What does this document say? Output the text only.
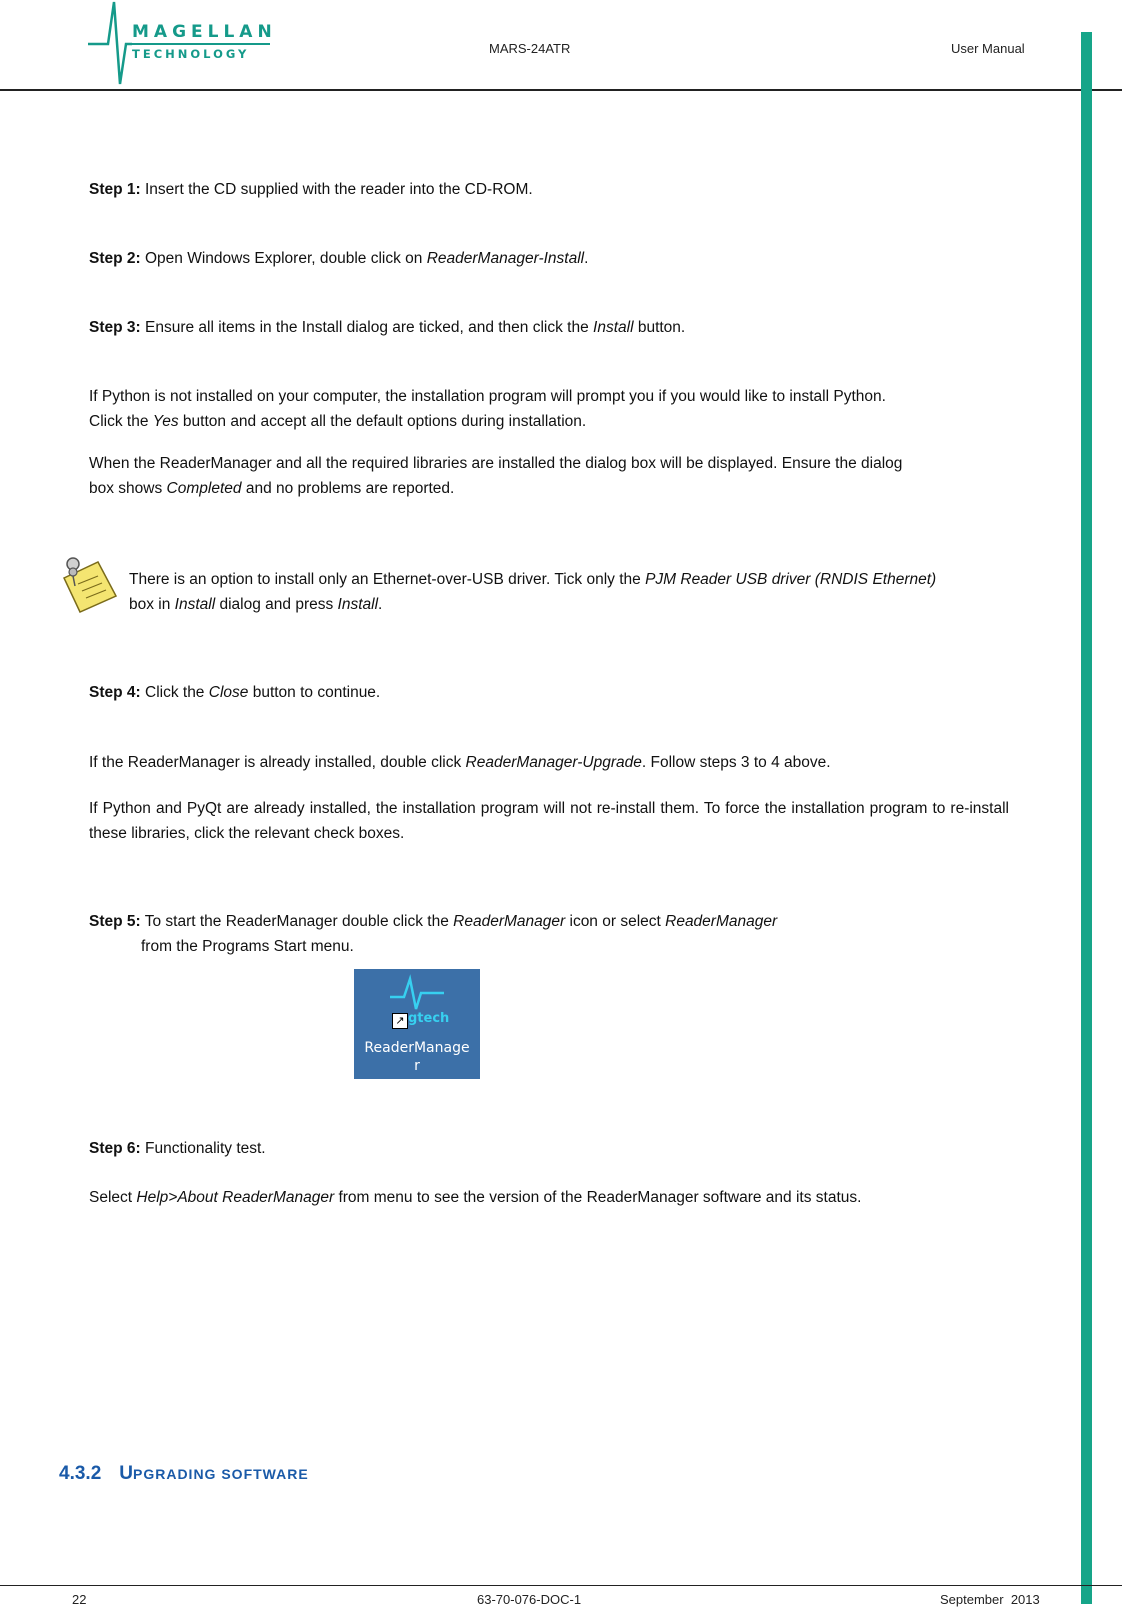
MAGELLAN
TECHNOLOGY	MARS-24ATR	User Manual
Step 1: Insert the CD supplied with the reader into the CD-ROM.
Step 2: Open Windows Explorer, double click on ReaderManager-Install.
Step 3: Ensure all items in the Install dialog are ticked, and then click the Install button.
If Python is not installed on your computer, the installation program will prompt you if you would like to install Python.
Click the Yes button and accept all the default options during installation.
When the ReaderManager and all the required libraries are installed the dialog box will be displayed. Ensure the dialog
box shows Completed and no problems are reported.
There is an option to install only an Ethernet-over-USB driver. Tick only the PJM Reader USB driver (RNDIS Ethernet)
box in Install dialog and press Install.
Step 4: Click the Close button to continue.
If the ReaderManager is already installed, double click ReaderManager-Upgrade. Follow steps 3 to 4 above.
If Python and PyQt are already installed, the installation program will not re-install them. To force the installation program to re-install these libraries, click the relevant check boxes.
Step 5: To start the ReaderManager double click the ReaderManager icon or select ReaderManager
from the Programs Start menu.
↗ gtech
ReaderManage
r
Step 6: Functionality test.
Select Help>About ReaderManager from menu to see the version of the ReaderManager software and its status.
4.3.2 UPGRADING SOFTWARE
22	63-70-076-DOC-1	September  2013
